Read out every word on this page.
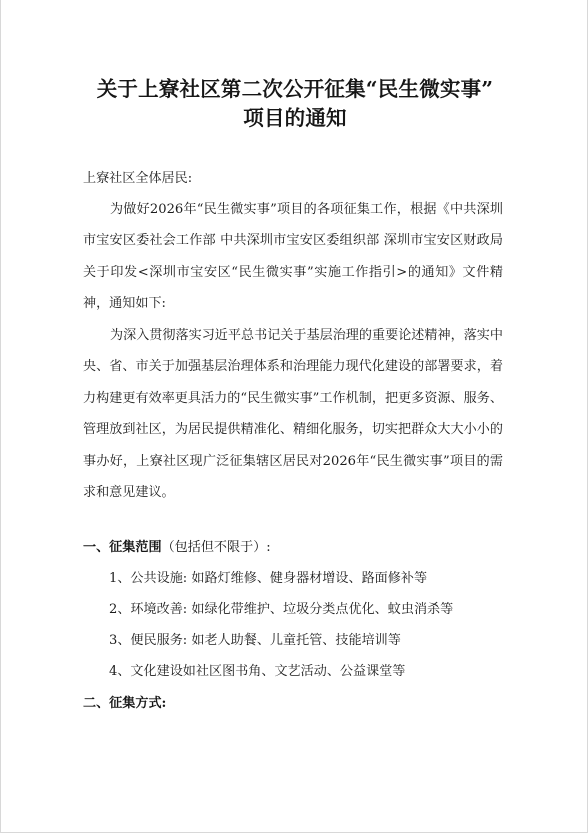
关于上寮社区第二次公开征集“民生微实事”
项目的通知

上寮社区全体居民:

为做好2026年“民生微实事”项目的各项征集工作，根据《中共深圳市宝安区委社会工作部 中共深圳市宝安区委组织部 深圳市宝安区财政局关于印发<深圳市宝安区“民生微实事”实施工作指引>的通知》文件精神，通知如下:

为深入贯彻落实习近平总书记关于基层治理的重要论述精神，落实中央、省、市关于加强基层治理体系和治理能力现代化建设的部署要求，着力构建更有效率更具活力的“民生微实事”工作机制，把更多资源、服务、管理放到社区，为居民提供精准化、精细化服务，切实把群众大大小小的事办好，上寮社区现广泛征集辖区居民对2026年“民生微实事”项目的需求和意见建议。

一、征集范围（包括但不限于）:
1、公共设施: 如路灯维修、健身器材增设、路面修补等
2、环境改善: 如绿化带维护、垃圾分类点优化、蚊虫消杀等
3、便民服务: 如老人助餐、儿童托管、技能培训等
4、文化建设如社区图书角、文艺活动、公益课堂等
二、征集方式:
